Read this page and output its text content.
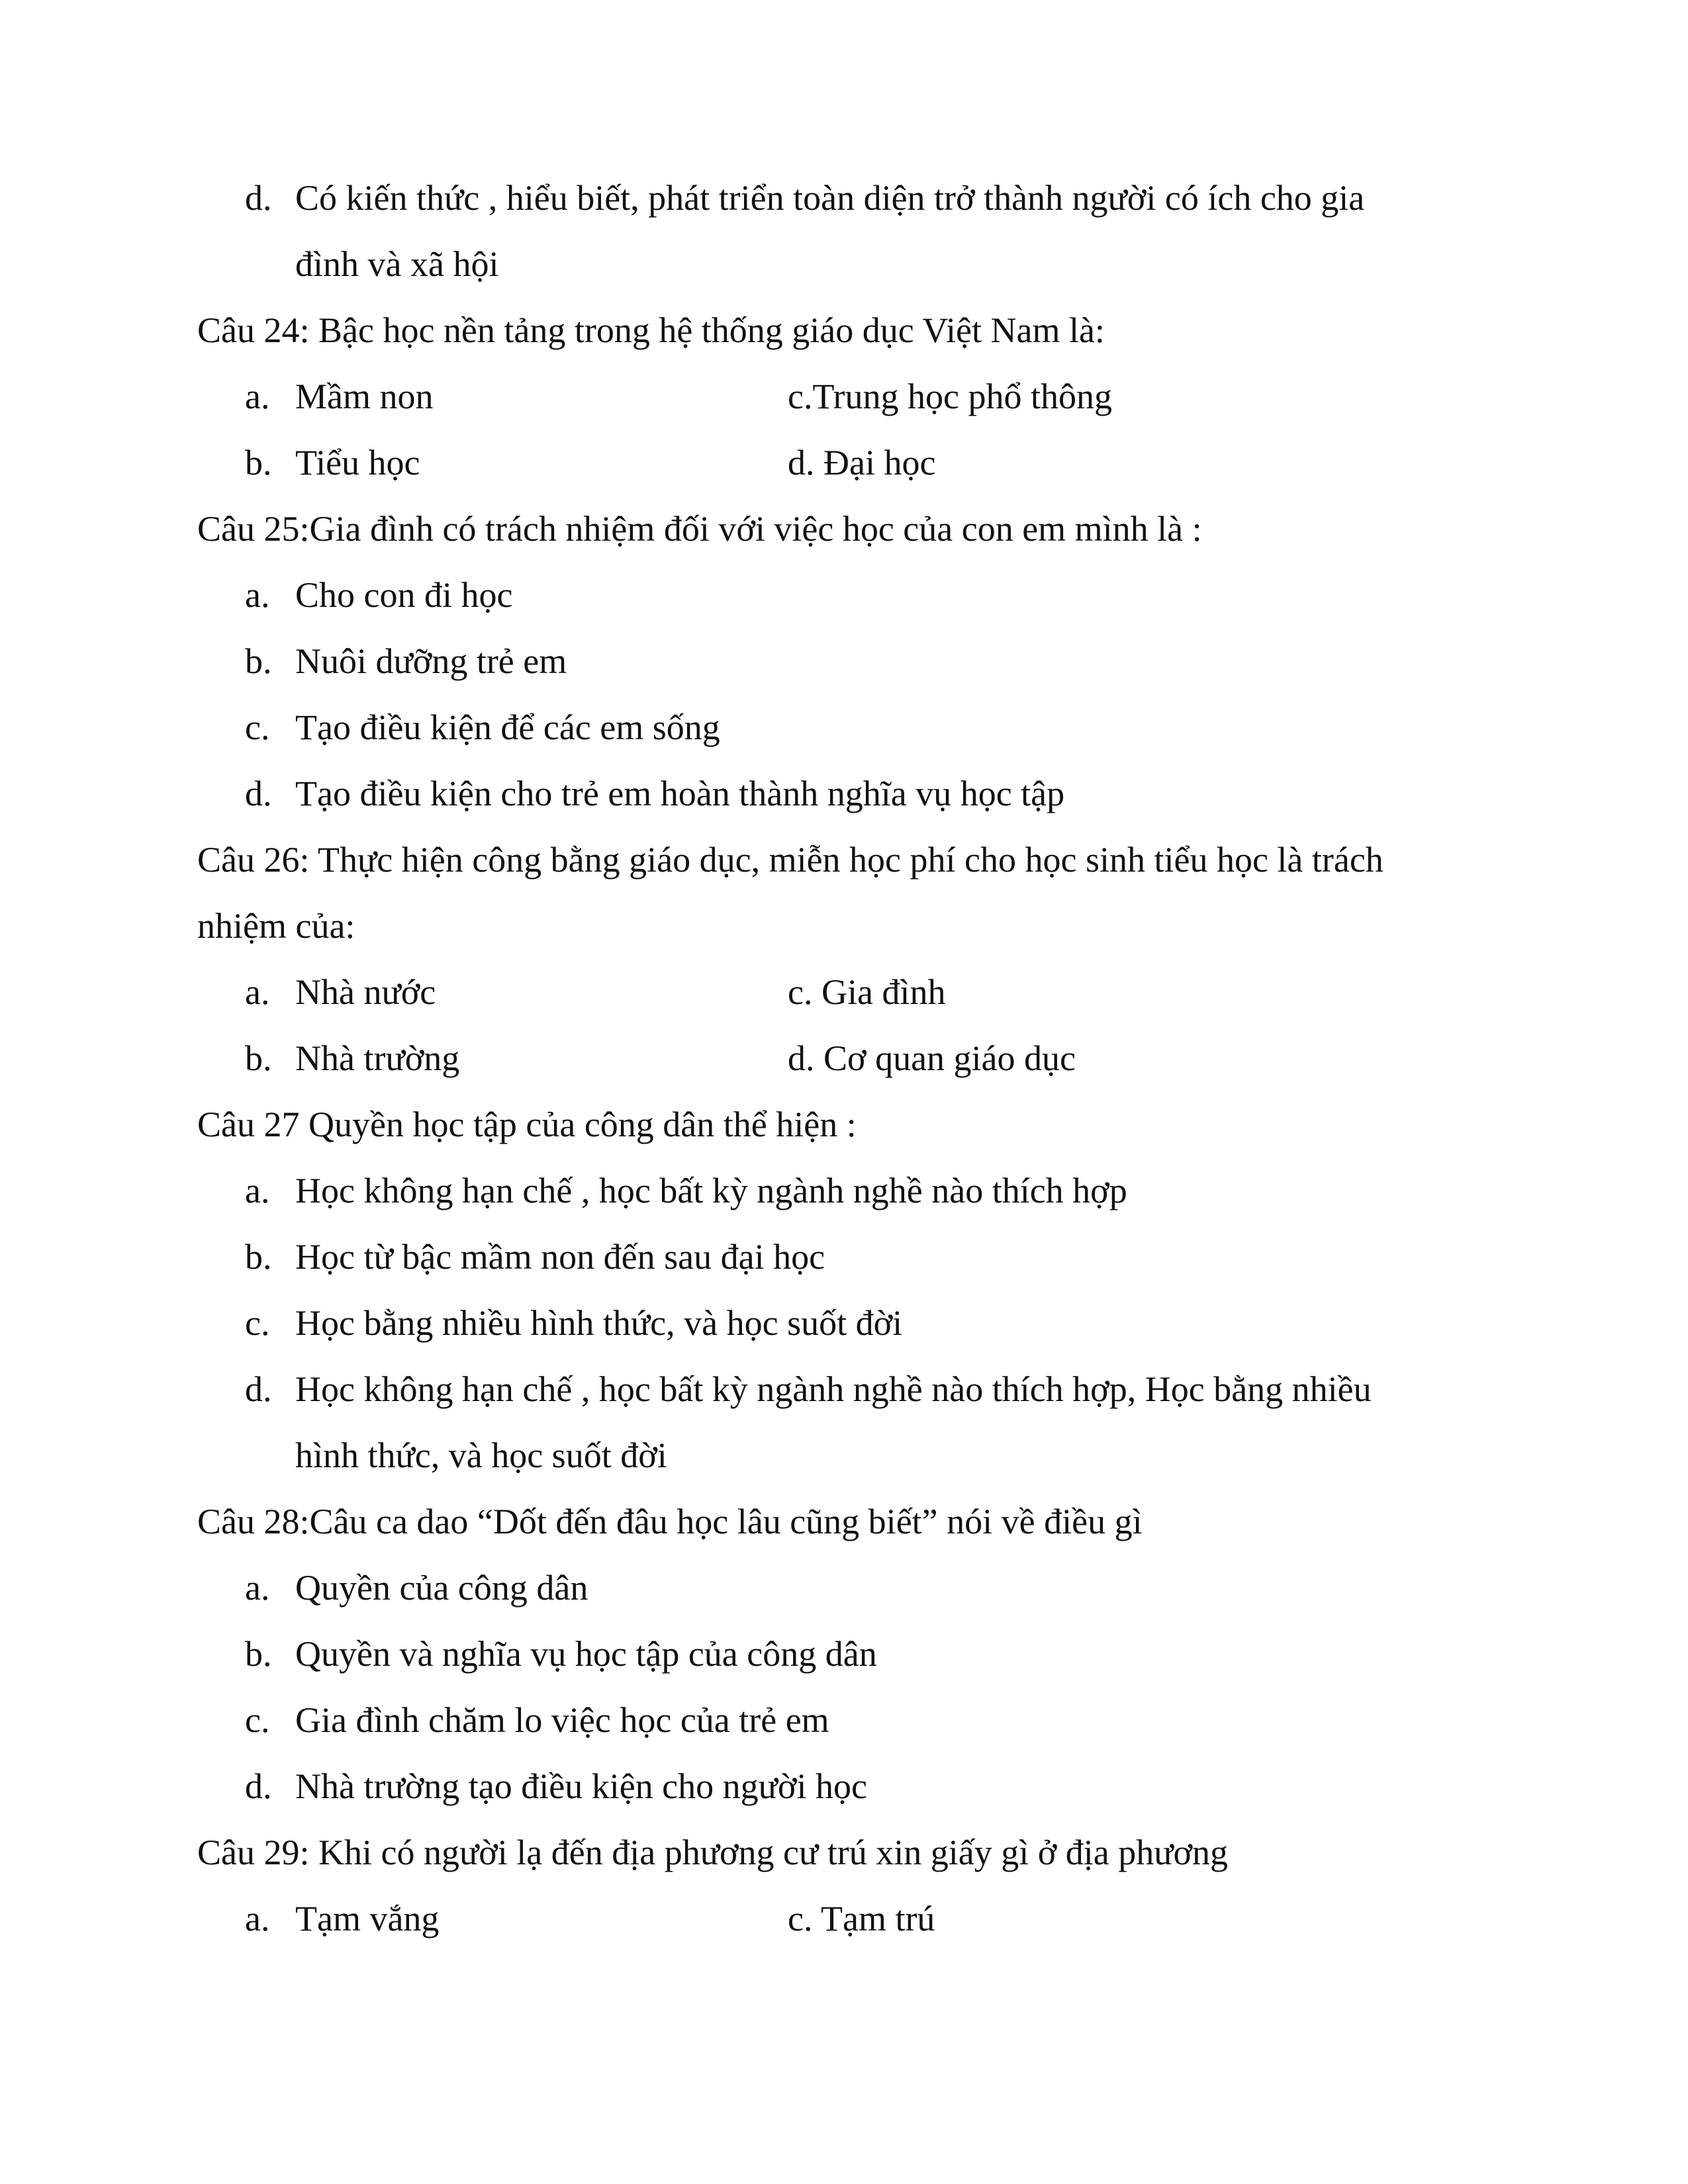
d. Có kiến thức , hiểu biết, phát triển toàn diện trở thành người có ích cho gia
đình và xã hội
Câu 24: Bậc học nền tảng trong hệ thống giáo dục Việt Nam là:
a. Mầm non	c.Trung học phổ thông
b. Tiểu học	d. Đại học
Câu 25:Gia đình có trách nhiệm đối với việc học của con em mình là :
a. Cho con đi học
b. Nuôi dưỡng trẻ em
c. Tạo điều kiện để các em sống
d. Tạo điều kiện cho trẻ em hoàn thành nghĩa vụ học tập
Câu 26: Thực hiện công bằng giáo dục, miễn học phí cho học sinh tiểu học là trách
nhiệm của:
a. Nhà nước	c. Gia đình
b. Nhà trường	d. Cơ quan giáo dục
Câu 27 Quyền học tập của công dân thể hiện :
a. Học không hạn chế , học bất kỳ ngành nghề nào thích hợp
b. Học từ bậc mầm non đến sau đại học
c. Học bằng nhiều hình thức, và học suốt đời
d. Học không hạn chế , học bất kỳ ngành nghề nào thích hợp, Học bằng nhiều
hình thức, và học suốt đời
Câu 28:Câu ca dao “Dốt đến đâu học lâu cũng biết” nói về điều gì
a. Quyền của công dân
b. Quyền và nghĩa vụ học tập của công dân
c. Gia đình chăm lo việc học của trẻ em
d. Nhà trường tạo điều kiện cho người học
Câu 29: Khi có người lạ đến địa phương cư trú xin giấy gì ở địa phương
a. Tạm vắng	c. Tạm trú
